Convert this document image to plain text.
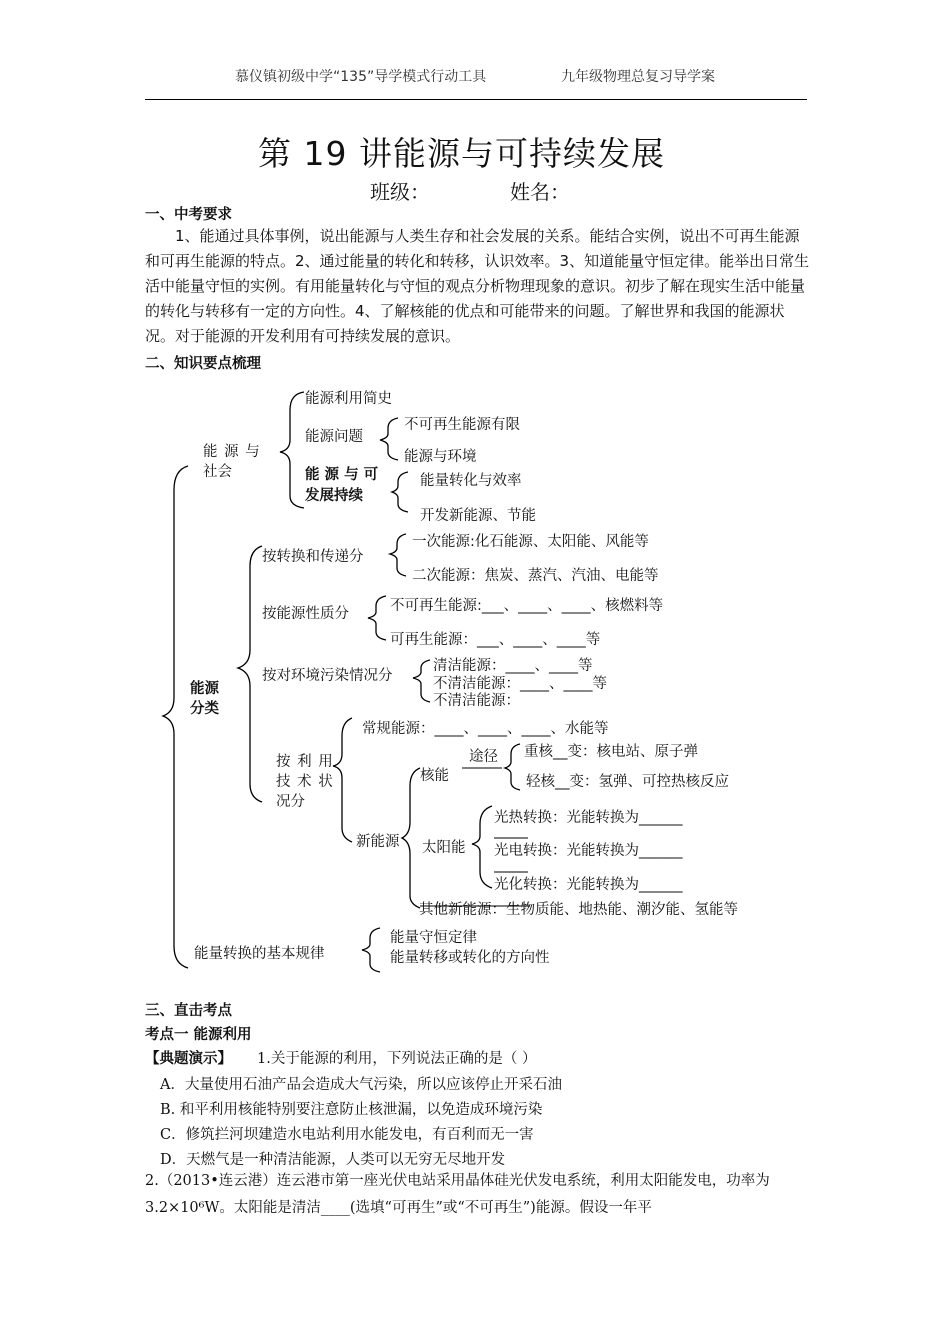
慕仪镇初级中学“135”导学模式行动工具	九年级物理总复习导学案
第 19 讲能源与可持续发展
班级：	姓名：
一、中考要求
1、能通过具体事例，说出能源与人类生存和社会发展的关系。能结合实例，说出不可再生能源和可再生能源的特点。2、通过能量的转化和转移，认识效率。3、知道能量守恒定律。能举出日常生活中能量守恒的实例。有用能量转化与守恒的观点分析物理现象的意识。初步了解在现实生活中能量的转化与转移有一定的方向性。4、了解核能的优点和可能带来的问题。了解世界和我国的能源状况。对于能源的开发利用有可持续发展的意识。
二、知识要点梳理
能 源 与
社会
能源利用简史
能源问题
不可再生能源有限
能源与环境
能 源 与 可
发展持续
能量转化与效率
开发新能源、节能
能源
分类
按转换和传递分
一次能源:化石能源、太阳能、风能等
二次能源：焦炭、蒸汽、汽油、电能等
按能源性质分	不可再生能源:___、____、____、核燃料等
可再生能源：___、____、____等
按对环境污染情况分
清洁能源：____、____等
不清洁能源：____、____等
不清洁能源：
按 利 用
技 术 状
况分
常规能源：____、____、____、水能等
核能
途径 重核__变：核电站、原子弹
轻核__变：氢弹、可控热核反应
新能源 太阳能
光热转换：光能转换为______
光电转换：光能转换为______
光化转换：光能转换为______
其他新能源：生物质能、地热能、潮汐能、氢能等
能量转换的基本规律
能量守恒定律
能量转移或转化的方向性
三、直击考点
考点一 能源利用
【典题演示】 1.关于能源的利用，下列说法正确的是（ ）
A．大量使用石油产品会造成大气污染，所以应该停止开采石油
B. 和平利用核能特别要注意防止核泄漏，以免造成环境污染
C．修筑拦河坝建造水电站利用水能发电，有百利而无一害
D．天燃气是一种清洁能源，人类可以无穷无尽地开发
2.（2013•连云港）连云港市第一座光伏电站采用晶体硅光伏发电系统，利用太阳能发电，功率为3.2×10⁶W。太阳能是清洁____(选填“可再生”或“不可再生”)能源。假设一年平
